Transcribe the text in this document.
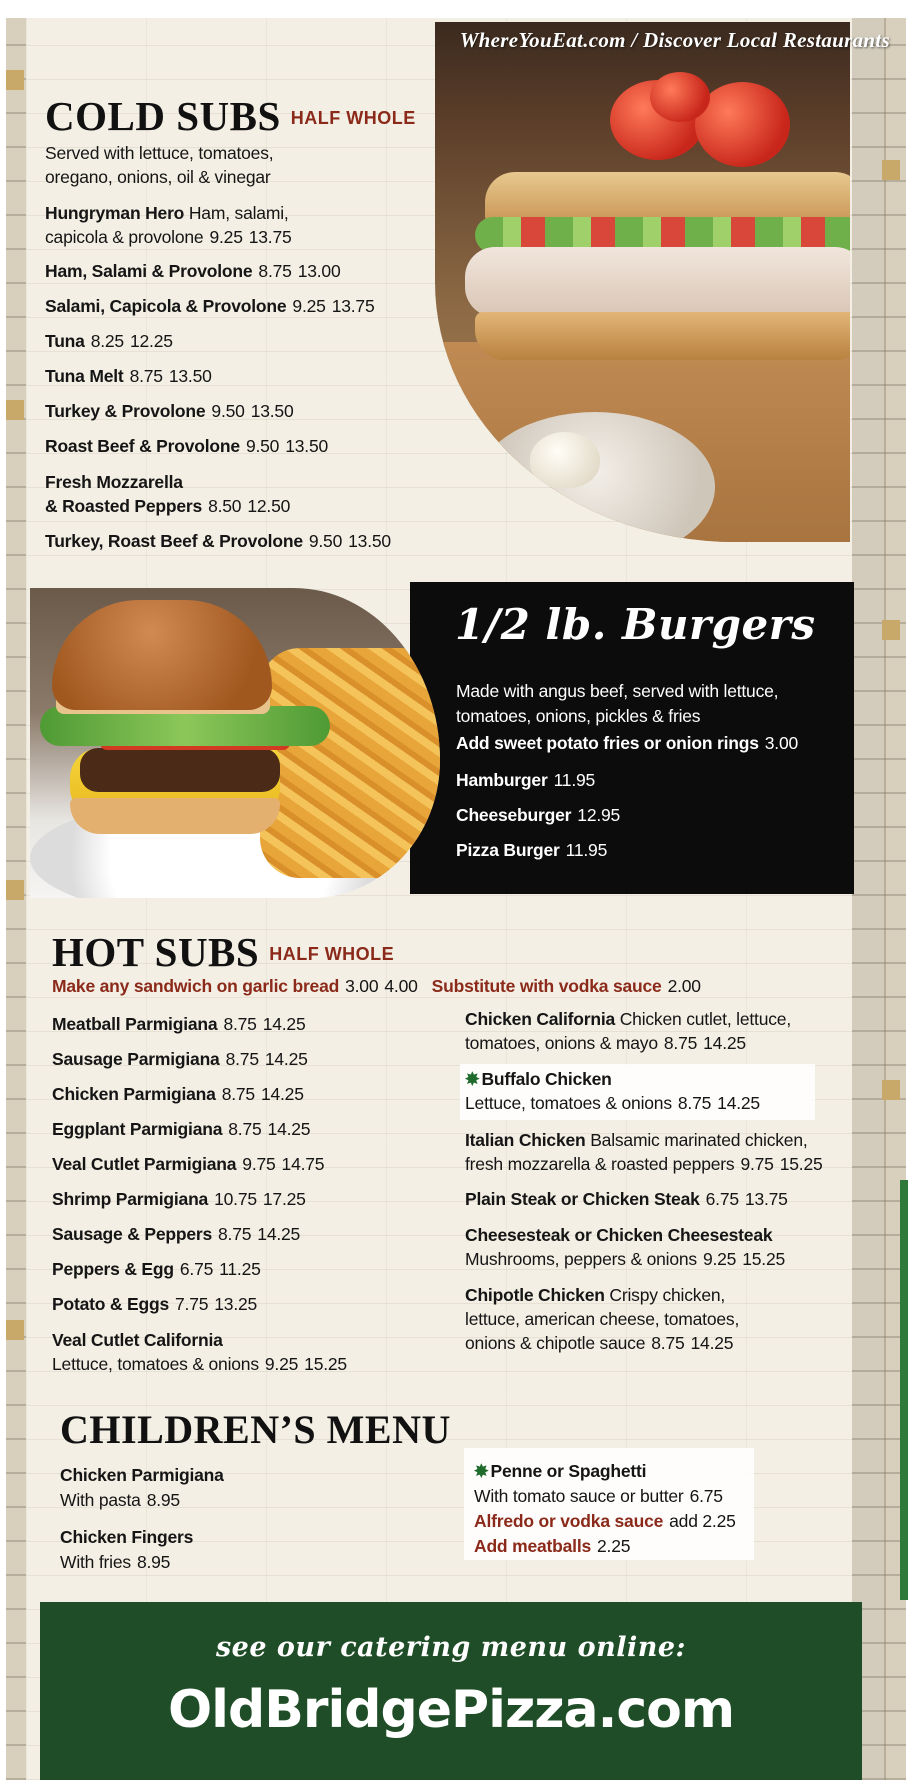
WhereYouEat.com / Discover Local Restaurants
COLD SUBS HALF WHOLE
Served with lettuce, tomatoes,
oregano, onions, oil & vinegar
Hungryman Hero Ham, salami,
capicola & provolone 9.25 13.75
Ham, Salami & Provolone 8.75 13.00
Salami, Capicola & Provolone 9.25 13.75
Tuna 8.25 12.25
Tuna Melt 8.75 13.50
Turkey & Provolone 9.50 13.50
Roast Beef & Provolone 9.50 13.50
Fresh Mozzarella
& Roasted Peppers 8.50 12.50
Turkey, Roast Beef & Provolone 9.50 13.50
1/2 lb. Burgers
Made with angus beef, served with lettuce,
tomatoes, onions, pickles & fries
Add sweet potato fries or onion rings 3.00
Hamburger 11.95
Cheeseburger 12.95
Pizza Burger 11.95
HOT SUBS HALF WHOLE
Make any sandwich on garlic bread 3.00 4.00 Substitute with vodka sauce 2.00
Meatball Parmigiana 8.75 14.25
Sausage Parmigiana 8.75 14.25
Chicken Parmigiana 8.75 14.25
Eggplant Parmigiana 8.75 14.25
Veal Cutlet Parmigiana 9.75 14.75
Shrimp Parmigiana 10.75 17.25
Sausage & Peppers 8.75 14.25
Peppers & Egg 6.75 11.25
Potato & Eggs 7.75 13.25
Veal Cutlet California
Lettuce, tomatoes & onions 9.25 15.25
Chicken California Chicken cutlet, lettuce,
tomatoes, onions & mayo 8.75 14.25
✸ Buffalo Chicken
Lettuce, tomatoes & onions 8.75 14.25
Italian Chicken Balsamic marinated chicken,
fresh mozzarella & roasted peppers 9.75 15.25
Plain Steak or Chicken Steak 6.75 13.75
Cheesesteak or Chicken Cheesesteak
Mushrooms, peppers & onions 9.25 15.25
Chipotle Chicken Crispy chicken,
lettuce, american cheese, tomatoes,
onions & chipotle sauce 8.75 14.25
CHILDREN’S MENU
Chicken Parmigiana
With pasta 8.95
Chicken Fingers
With fries 8.95
✸ Penne or Spaghetti
With tomato sauce or butter 6.75
Alfredo or vodka sauce add 2.25
Add meatballs 2.25
see our catering menu online:
OldBridgePizza.com
